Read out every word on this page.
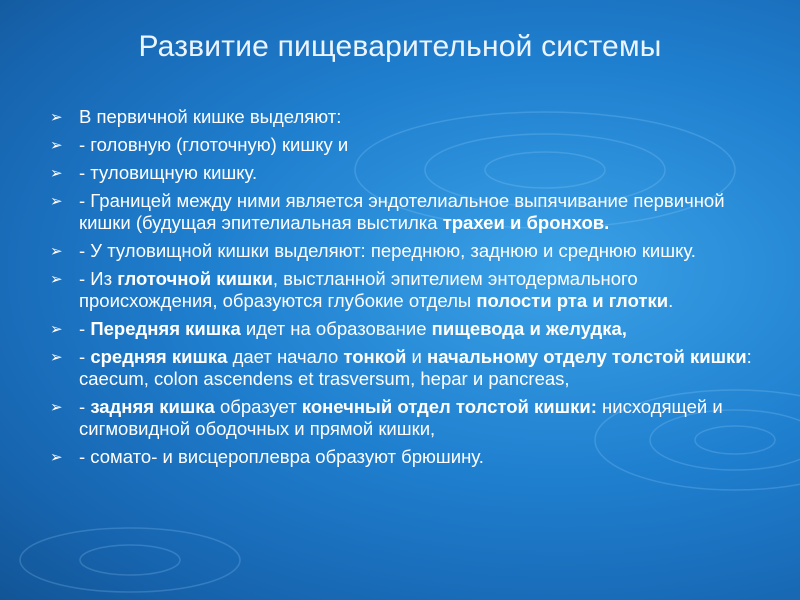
Развитие пищеварительной системы
➢
В первичной кишке выделяют:
➢
- головную (глоточную) кишку и
➢
- туловищную кишку.
➢
- Границей между ними является эндотелиальное выпячивание первичной кишки (будущая эпителиальная выстилка трахеи и бронхов.
➢
- У туловищной кишки выделяют: переднюю, заднюю и среднюю кишку.
➢
- Из глоточной кишки, выстланной эпителием энтодермального происхождения, образуются глубокие отделы полости рта и глотки.
➢
- Передняя кишка идет на образование пищевода и желудка,
➢
- средняя кишка дает начало тонкой и начальному отделу толстой кишки: caecum, colon ascendens et trasversum, hepar и pancreas,
➢
- задняя кишка образует конечный отдел толстой кишки: нисходящей и сигмовидной ободочных и прямой кишки,
➢
- сомато- и висцероплевра образуют брюшину.
